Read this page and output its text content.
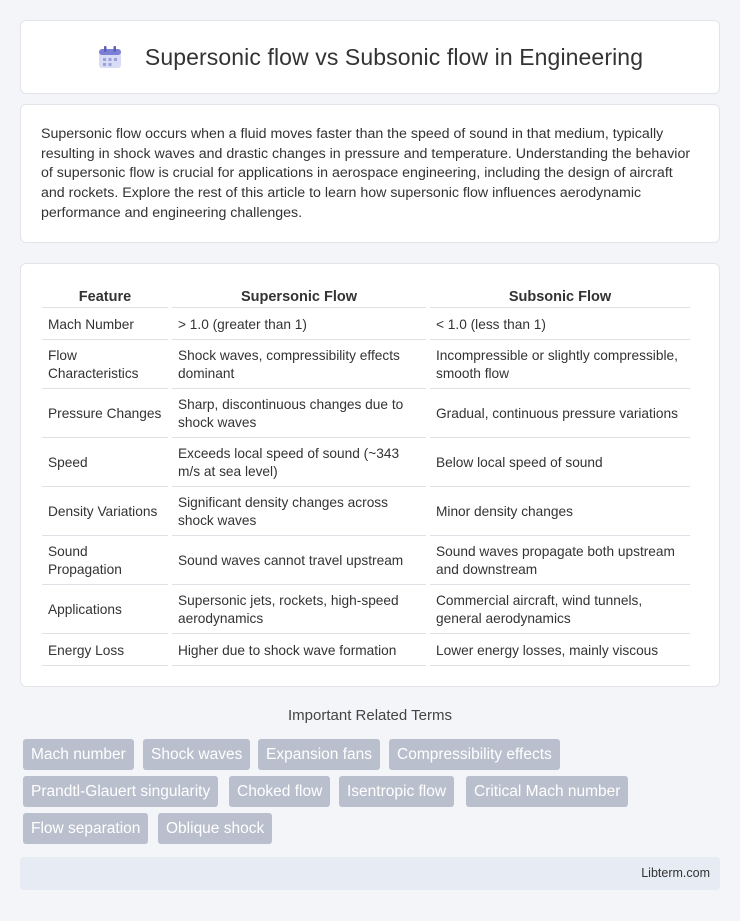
Supersonic flow vs Subsonic flow in Engineering

Supersonic flow occurs when a fluid moves faster than the speed of sound in that medium, typically resulting in shock waves and drastic changes in pressure and temperature. Understanding the behavior of supersonic flow is crucial for applications in aerospace engineering, including the design of aircraft and rockets. Explore the rest of this article to learn how supersonic flow influences aerodynamic performance and engineering challenges.

Feature	Supersonic Flow	Subsonic Flow
Mach Number	> 1.0 (greater than 1)	< 1.0 (less than 1)
Flow Characteristics	Shock waves, compressibility effects dominant	Incompressible or slightly compressible, smooth flow
Pressure Changes	Sharp, discontinuous changes due to shock waves	Gradual, continuous pressure variations
Speed	Exceeds local speed of sound (~343 m/s at sea level)	Below local speed of sound
Density Variations	Significant density changes across shock waves	Minor density changes
Sound Propagation	Sound waves cannot travel upstream	Sound waves propagate both upstream and downstream
Applications	Supersonic jets, rockets, high-speed aerodynamics	Commercial aircraft, wind tunnels, general aerodynamics
Energy Loss	Higher due to shock wave formation	Lower energy losses, mainly viscous
Important Related Terms
Mach number	Shock waves	Expansion fans	Compressibility effects
Prandtl-Glauert singularity	Choked flow	Isentropic flow	Critical Mach number
Flow separation	Oblique shock
Libterm.com
